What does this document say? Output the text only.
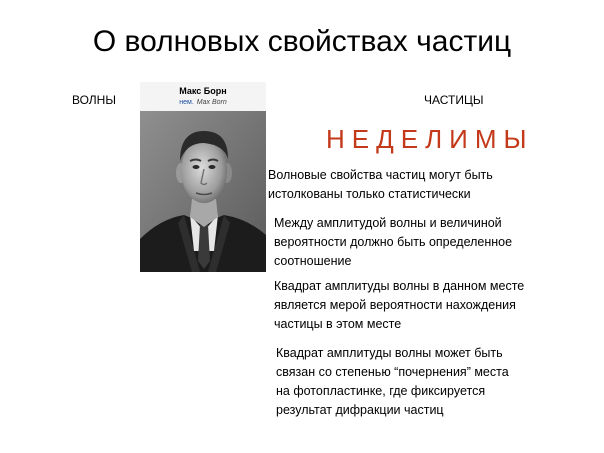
О волновых свойствах частиц
ВОЛНЫ	ЧАСТИЦЫ
Макс Борн
нем. Max Born
НЕДЕЛИМЫ
Волновые свойства частиц могут быть
истолкованы только статистически
Между амплитудой волны и величиной
вероятности должно быть определенное
соотношение
Квадрат амплитуды волны в данном месте
является мерой вероятности нахождения
частицы в этом месте
Квадрат амплитуды волны может быть
связан со степенью “почернения” места
на фотопластинке, где фиксируется
результат дифракции частиц
